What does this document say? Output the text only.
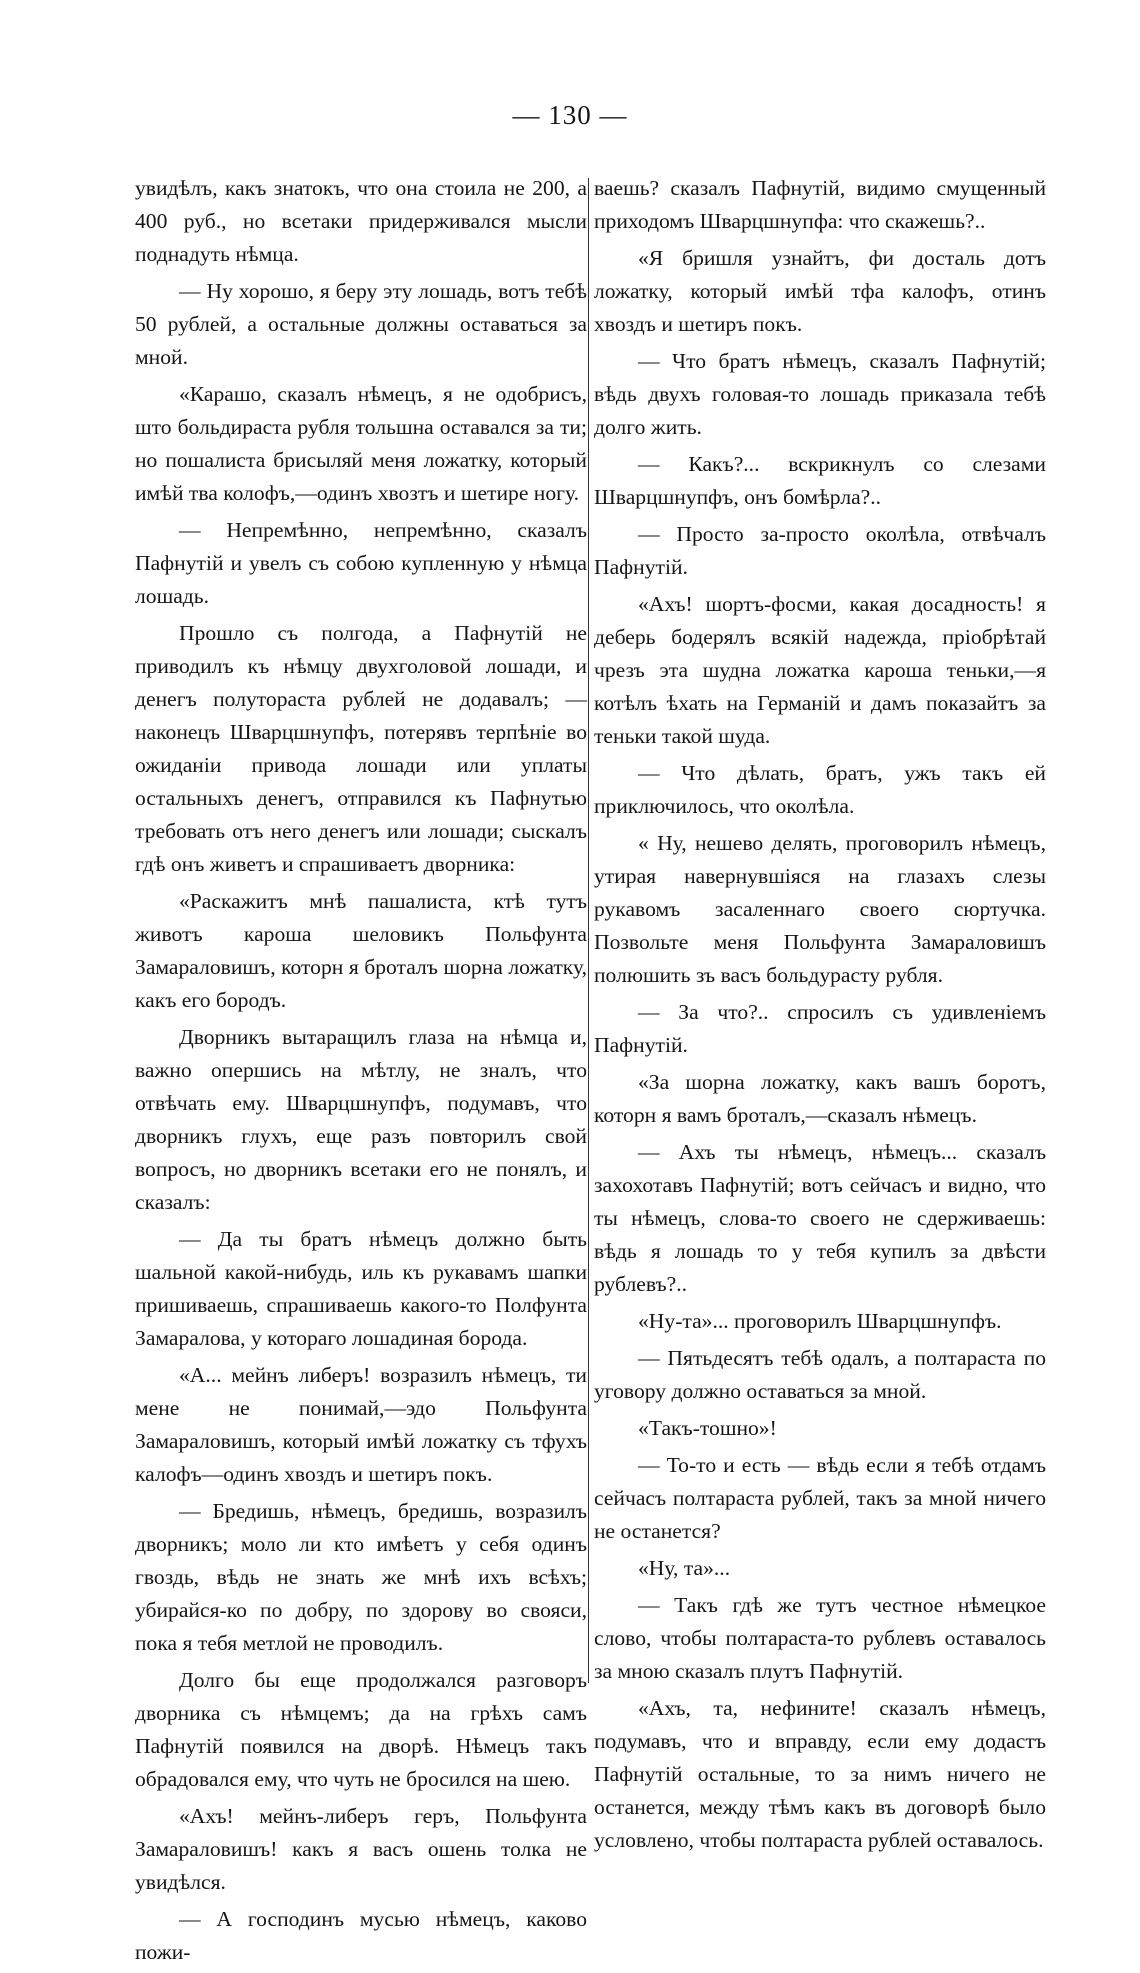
— 130 —

увидѣлъ, какъ знатокъ, что она стоила не 200, а 400 руб., но всетаки придерживался мысли поднадуть нѣмца.

— Ну хорошо, я беру эту лошадь, вотъ тебѣ 50 рублей, а остальные должны оставаться за мной.

«Карашо, сказалъ нѣмецъ, я не одобрисъ, што больдираста рубля тольшна оставался за ти; но пошалиста брисыляй меня ложатку, который имѣй тва колофъ,—одинъ хвозтъ и шетире ногу.

— Непремѣнно, непремѣнно, сказалъ Пафнутій и увелъ съ собою купленную у нѣмца лошадь.

Прошло съ полгода, а Пафнутій не приводилъ къ нѣмцу двухголовой лошади, и денегъ полутораста рублей не додавалъ; — наконецъ Шварцшнупфъ, потерявъ терпѣніе во ожиданіи привода лошади или уплаты остальныхъ денегъ, отправился къ Пафнутью требовать отъ него денегъ или лошади; сыскалъ гдѣ онъ живетъ и спрашиваетъ дворника:

«Раскажитъ мнѣ пашалиста, ктѣ тутъ животъ карошa шеловикъ Польфунта Замараловишъ, которн я броталъ шорна ложатку, какъ его бородъ.

Дворникъ вытаращилъ глаза на нѣмца и, важно опершись на мѣтлу, не зналъ, что отвѣчать ему. Шварцшнупфъ, подумавъ, что дворникъ глухъ, еще разъ повторилъ свой вопросъ, но дворникъ всетаки его не понялъ, и сказалъ:

— Да ты братъ нѣмецъ должно быть шальной какой-нибудь, иль къ рукавамъ шапки пришиваешь, спрашиваешь какого-то Полфунта Замаралова, у котораго лошадиная борода.

«А... мейнъ либеръ! возразилъ нѣмецъ, ти мене не понимай,—эдо Польфунта Замараловишъ, который имѣй ложатку съ тфухъ калофъ—одинъ хвоздъ и шетиръ покъ.

— Бредишь, нѣмецъ, бредишь, возразилъ дворникъ; моло ли кто имѣетъ у себя одинъ гвоздь, вѣдь не знать же мнѣ ихъ всѣхъ; убирайся-ко по добру, по здорову во свояси, пока я тебя метлой не проводилъ.

Долго бы еще продолжался разговоръ дворника съ нѣмцемъ; да на грѣхъ самъ Пафнутій появился на дворѣ. Нѣмецъ такъ обрадовался ему, что чуть не бросился на шею.

«Ахъ! мейнъ-либеръ геръ, Польфунта Замараловишъ! какъ я васъ ошень толка не увидѣлся.

— А господинъ мусью нѣмецъ, каково пожи-

ваешь? сказалъ Пафнутій, видимо смущенный приходомъ Шварцшнупфа: что скажешь?..

«Я бришля узнайтъ, фи досталь дотъ ложатку, который имѣй тфа калофъ, отинъ хвоздъ и шетиръ покъ.

— Что братъ нѣмецъ, сказалъ Пафнутій; вѣдь двухъ головая-то лошадь приказала тебѣ долго жить.

— Какъ?... вскрикнулъ со слезами Шварцшнупфъ, онъ бомѣрла?..

— Просто за-просто околѣла, отвѣчалъ Пафнутій.

«Ахъ! шортъ-фосми, какая досадность! я деберь бодерялъ всякій надежда, пріобрѣтай чрезъ эта шудна ложатка карошa теньки,—я котѣлъ ѣхать на Германій и дамъ показайтъ за теньки такой шуда.

— Что дѣлать, братъ, ужъ такъ ей приключилось, что околѣла.

« Ну, нешево делять, проговорилъ нѣмецъ, утирая навернувшіяся на глазахъ слезы рукавомъ засаленнаго своего сюртучка. Позвольте меня Польфунта Замараловишъ полюшить зъ васъ больдураcту рубля.

— За что?.. спросилъ съ удивленіемъ Пафнутій.

«За шорна ложатку, какъ вашъ боротъ, которн я вамъ броталъ,—сказалъ нѣмецъ.

— Ахъ ты нѣмецъ, нѣмецъ... сказалъ захохотавъ Пафнутій; вотъ сейчасъ и видно, что ты нѣмецъ, слова-то своего не сдерживаешь: вѣдь я лошадь то у тебя купилъ за двѣсти рублевъ?..

«Ну-та»... проговорилъ Шварцшнупфъ.

— Пятьдесятъ тебѣ одалъ, а полтараста по уговору должно оставаться за мной.

«Такъ-тошно»!

— То-то и есть — вѣдь если я тебѣ отдамъ сейчасъ полтараста рублей, такъ за мной ничего не останется?

«Ну, та»...

— Такъ гдѣ же тутъ честное нѣмецкое слово, чтобы полтараста-то рублевъ оставалось за мною сказалъ плутъ Пафнутій.

«Ахъ, та, нефините! сказалъ нѣмецъ, подумавъ, что и вправду, если ему додастъ Пафнутій остальные, то за нимъ ничего не останется, между тѣмъ какъ въ договорѣ было условлено, чтобы полтараста рублей оставалось.
